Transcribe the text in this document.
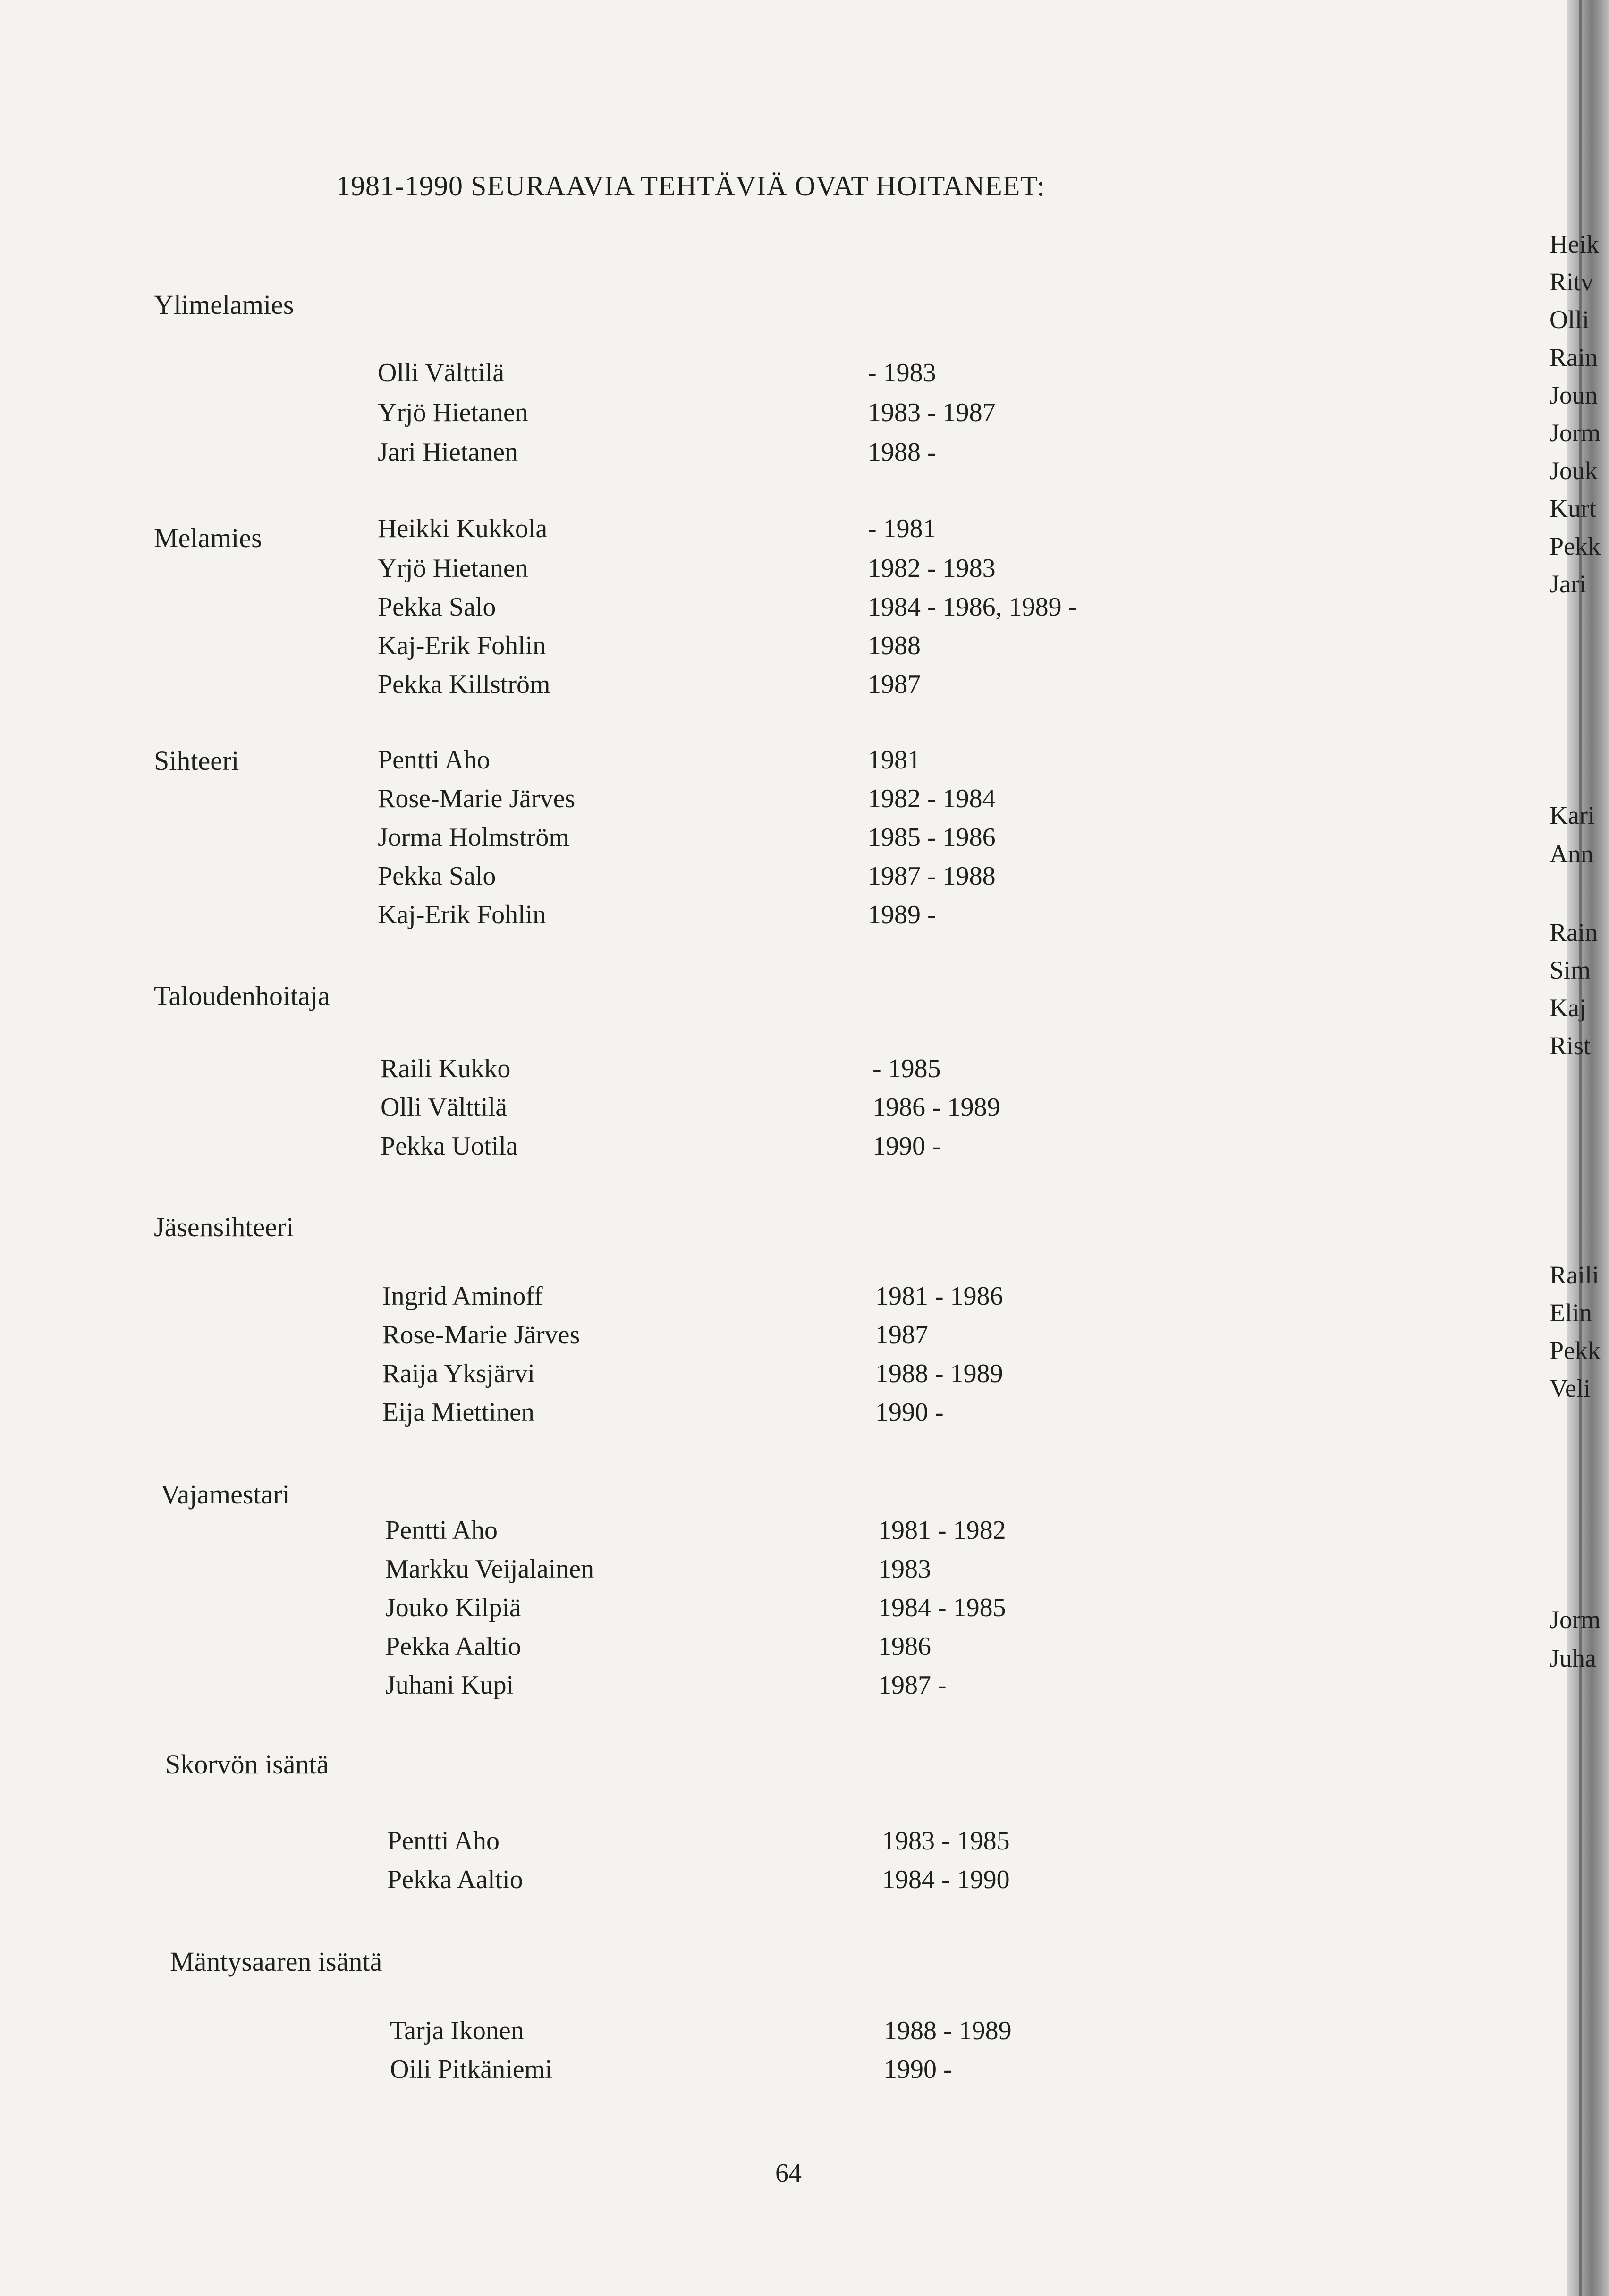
1981-1990 SEURAAVIA TEHTÄVIÄ OVAT HOITANEET:
Ylimelamies
Olli Välttilä	- 1983
Yrjö Hietanen	1983 - 1987
Jari Hietanen	1988 -
Melamies	Heikki Kukkola	- 1981
Yrjö Hietanen	1982 - 1983
Pekka Salo	1984 - 1986, 1989 -
Kaj-Erik Fohlin	1988
Pekka Killström	1987
Sihteeri	Pentti Aho	1981
Rose-Marie Järves	1982 - 1984
Jorma Holmström	1985 - 1986
Pekka Salo	1987 - 1988
Kaj-Erik Fohlin	1989 -
Taloudenhoitaja
Raili Kukko	- 1985
Olli Välttilä	1986 - 1989
Pekka Uotila	1990 -
Jäsensihteeri
Ingrid Aminoff	1981 - 1986
Rose-Marie Järves	1987
Raija Yksjärvi	1988 - 1989
Eija Miettinen	1990 -
Vajamestari
Pentti Aho	1981 - 1982
Markku Veijalainen	1983
Jouko Kilpiä	1984 - 1985
Pekka Aaltio	1986
Juhani Kupi	1987 -
Skorvön isäntä
Pentti Aho	1983 - 1985
Pekka Aaltio	1984 - 1990
Mäntysaaren isäntä
Tarja Ikonen	1988 - 1989
Oili Pitkäniemi	1990 -
64
Heik
Ritv
Olli
Rain
Joun
Jorm
Jouk
Kurt
Pekk
Jari
Kari
Ann
Rain
Sim
Kaj
Rist
Raili
Elin
Pekk
Veli
Jorm
Juha
